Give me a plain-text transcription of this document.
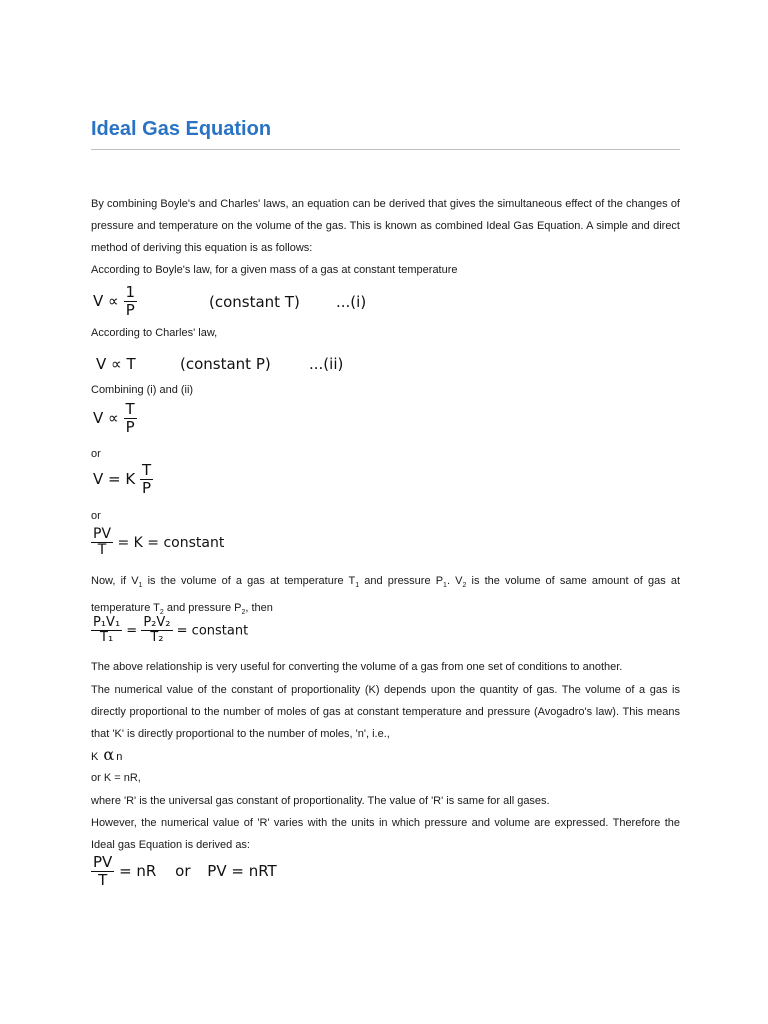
Ideal Gas Equation

By combining Boyle's and Charles' laws, an equation can be derived that gives the simultaneous effect of the changes of pressure and temperature on the volume of the gas. This is known as combined Ideal Gas Equation. A simple and direct method of deriving this equation is as follows:

According to Boyle's law, for a given mass of a gas at constant temperature

$V \propto \frac{1}{P}$	(constant T) ...(i)

According to Charles' law,

V ∝ T	(constant P)	...(ii)

Combining (i) and (ii)

$V \propto \frac{T}{P}$

or

V = K $\frac{T}{P}$

or

$\frac{PV}{T} = K$ = constant

Now, if $V_1$ is the volume of a gas at temperature $T_1$ and pressure $P_1$. $V_2$ is the volume of same amount of gas at temperature $T_2$ and pressure $P_2$, then

$\frac{\text{P₁V₁}}{\text{T₁}} = \frac{\text{P₂V₂}}{\text{T₂}}$ = constant

The above relationship is very useful for converting the volume of a gas from one set of conditions to another.

The numerical value of the constant of proportionality (K) depends upon the quantity of gas. The volume of a gas is directly proportional to the number of moles of gas at constant temperature and pressure (Avogadro's law). This means that 'K' is directly proportional to the number of moles, 'n', i.e.,

K α n

or K = nR,

where 'R' is the universal gas constant of proportionality. The value of 'R' is same for all gases.

However, the numerical value of 'R' varies with the units in which pressure and volume are expressed. Therefore the Ideal gas Equation is derived as:

$\frac{PV}{T}$ = nR or PV = nRT
